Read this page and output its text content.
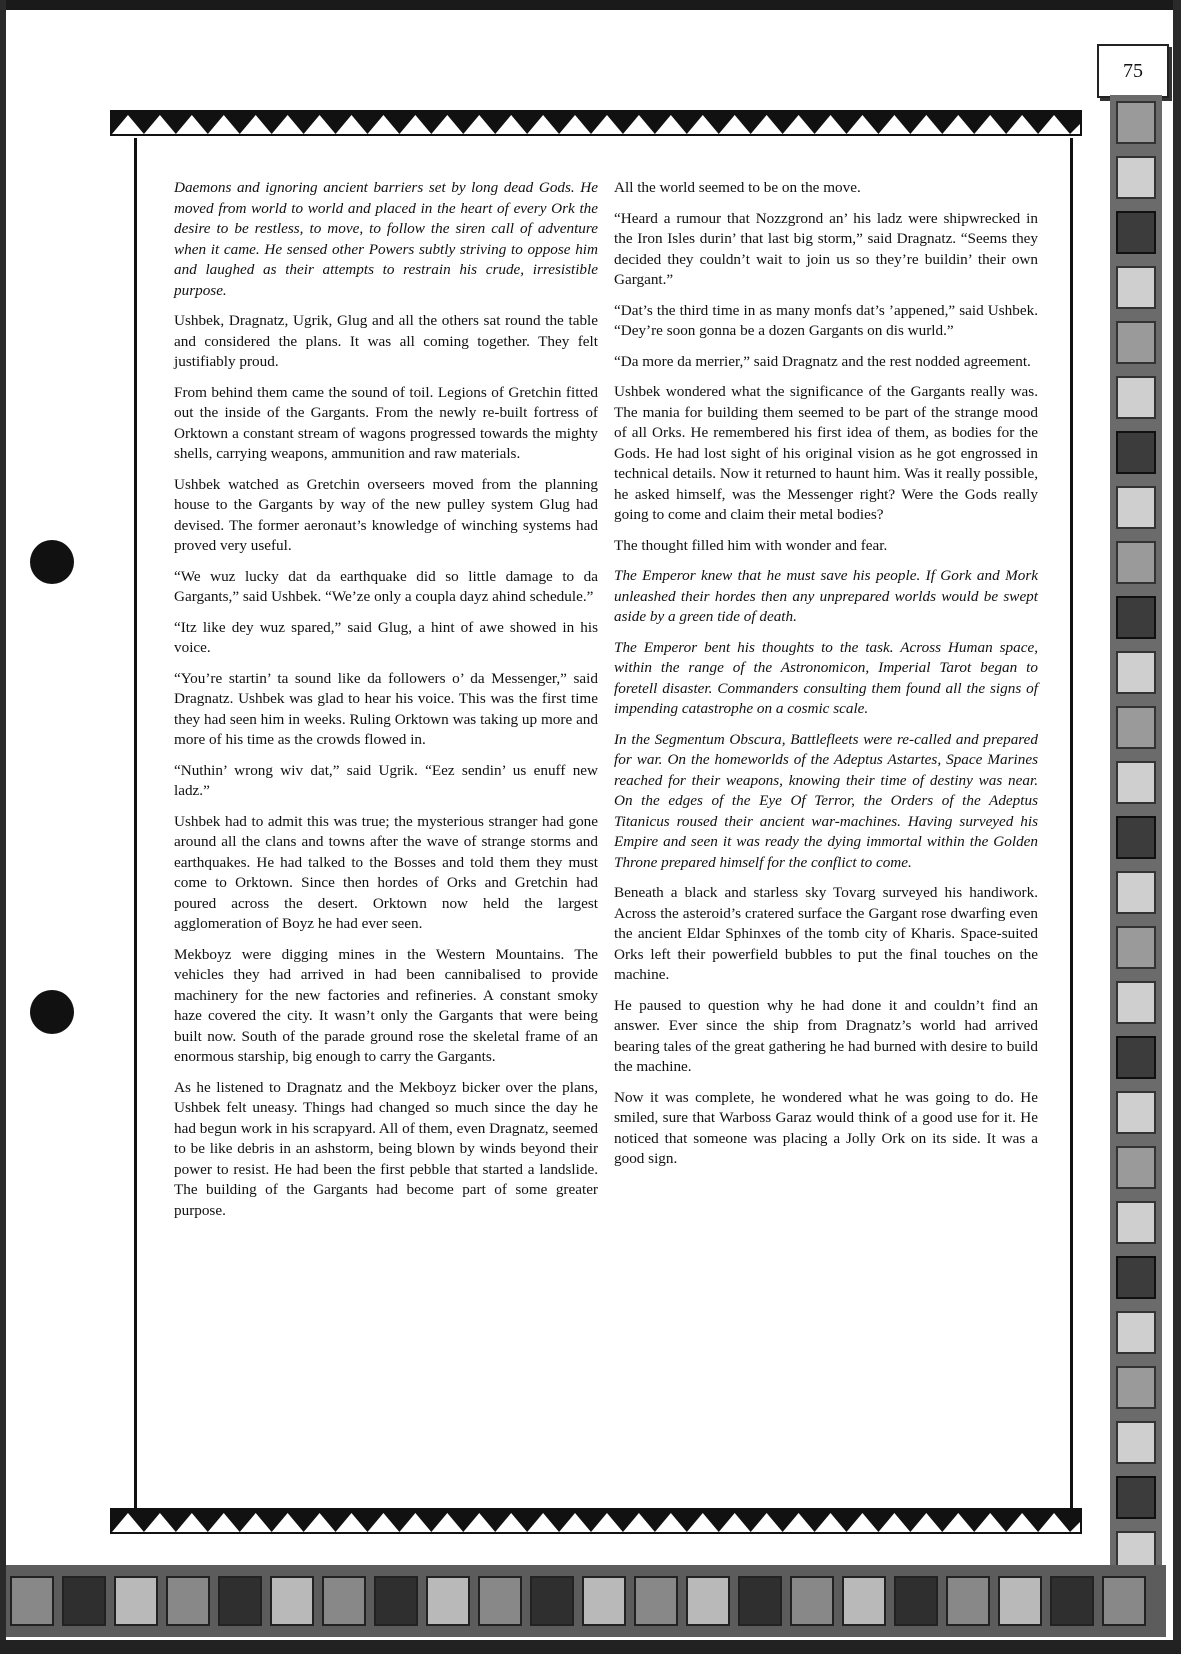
75

Daemons and ignoring ancient barriers set by long dead Gods. He moved from world to world and placed in the heart of every Ork the desire to be restless, to move, to follow the siren call of adventure when it came. He sensed other Powers subtly striving to oppose him and laughed as their attempts to restrain his crude, irresistible purpose.

Ushbek, Dragnatz, Ugrik, Glug and all the others sat round the table and considered the plans. It was all coming together. They felt justifiably proud.

From behind them came the sound of toil. Legions of Gretchin fitted out the inside of the Gargants. From the newly re-built fortress of Orktown a constant stream of wagons progressed towards the mighty shells, carrying weapons, ammunition and raw materials.

Ushbek watched as Gretchin overseers moved from the planning house to the Gargants by way of the new pulley system Glug had devised. The former aeronaut’s knowledge of winching systems had proved very useful.

“We wuz lucky dat da earthquake did so little damage to da Gargants,” said Ushbek. “We’ze only a coupla dayz ahind schedule.”

“Itz like dey wuz spared,” said Glug, a hint of awe showed in his voice.

“You’re startin’ ta sound like da followers o’ da Messenger,” said Dragnatz. Ushbek was glad to hear his voice. This was the first time they had seen him in weeks. Ruling Orktown was taking up more and more of his time as the crowds flowed in.

“Nuthin’ wrong wiv dat,” said Ugrik. “Eez sendin’ us enuff new ladz.”

Ushbek had to admit this was true; the mysterious stranger had gone around all the clans and towns after the wave of strange storms and earthquakes. He had talked to the Bosses and told them they must come to Orktown. Since then hordes of Orks and Gretchin had poured across the desert. Orktown now held the largest agglomeration of Boyz he had ever seen.

Mekboyz were digging mines in the Western Mountains. The vehicles they had arrived in had been cannibalised to provide machinery for the new factories and refineries. A constant smoky haze covered the city. It wasn’t only the Gargants that were being built now. South of the parade ground rose the skeletal frame of an enormous starship, big enough to carry the Gargants.

As he listened to Dragnatz and the Mekboyz bicker over the plans, Ushbek felt uneasy. Things had changed so much since the day he had begun work in his scrapyard. All of them, even Dragnatz, seemed to be like debris in an ashstorm, being blown by winds beyond their power to resist. He had been the first pebble that started a landslide. The building of the Gargants had become part of some greater purpose.

All the world seemed to be on the move.

“Heard a rumour that Nozzgrond an’ his ladz were shipwrecked in the Iron Isles durin’ that last big storm,” said Dragnatz. “Seems they decided they couldn’t wait to join us so they’re buildin’ their own Gargant.”

“Dat’s the third time in as many monfs dat’s ’appened,” said Ushbek. “Dey’re soon gonna be a dozen Gargants on dis wurld.”

“Da more da merrier,” said Dragnatz and the rest nodded agreement.

Ushbek wondered what the significance of the Gargants really was. The mania for building them seemed to be part of the strange mood of all Orks. He remembered his first idea of them, as bodies for the Gods. He had lost sight of his original vision as he got engrossed in technical details. Now it returned to haunt him. Was it really possible, he asked himself, was the Messenger right? Were the Gods really going to come and claim their metal bodies?

The thought filled him with wonder and fear.

The Emperor knew that he must save his people. If Gork and Mork unleashed their hordes then any unprepared worlds would be swept aside by a green tide of death.

The Emperor bent his thoughts to the task. Across Human space, within the range of the Astronomicon, Imperial Tarot began to foretell disaster. Commanders consulting them found all the signs of impending catastrophe on a cosmic scale.

In the Segmentum Obscura, Battlefleets were re-called and prepared for war. On the homeworlds of the Adeptus Astartes, Space Marines reached for their weapons, knowing their time of destiny was near. On the edges of the Eye Of Terror, the Orders of the Adeptus Titanicus roused their ancient war-machines. Having surveyed his Empire and seen it was ready the dying immortal within the Golden Throne prepared himself for the conflict to come.

Beneath a black and starless sky Tovarg surveyed his handiwork. Across the asteroid’s cratered surface the Gargant rose dwarfing even the ancient Eldar Sphinxes of the tomb city of Kharis. Space-suited Orks left their powerfield bubbles to put the final touches on the machine.

He paused to question why he had done it and couldn’t find an answer. Ever since the ship from Dragnatz’s world had arrived bearing tales of the great gathering he had burned with desire to build the machine.

Now it was complete, he wondered what he was going to do. He smiled, sure that Warboss Garaz would think of a good use for it. He noticed that someone was placing a Jolly Ork on its side. It was a good sign.
